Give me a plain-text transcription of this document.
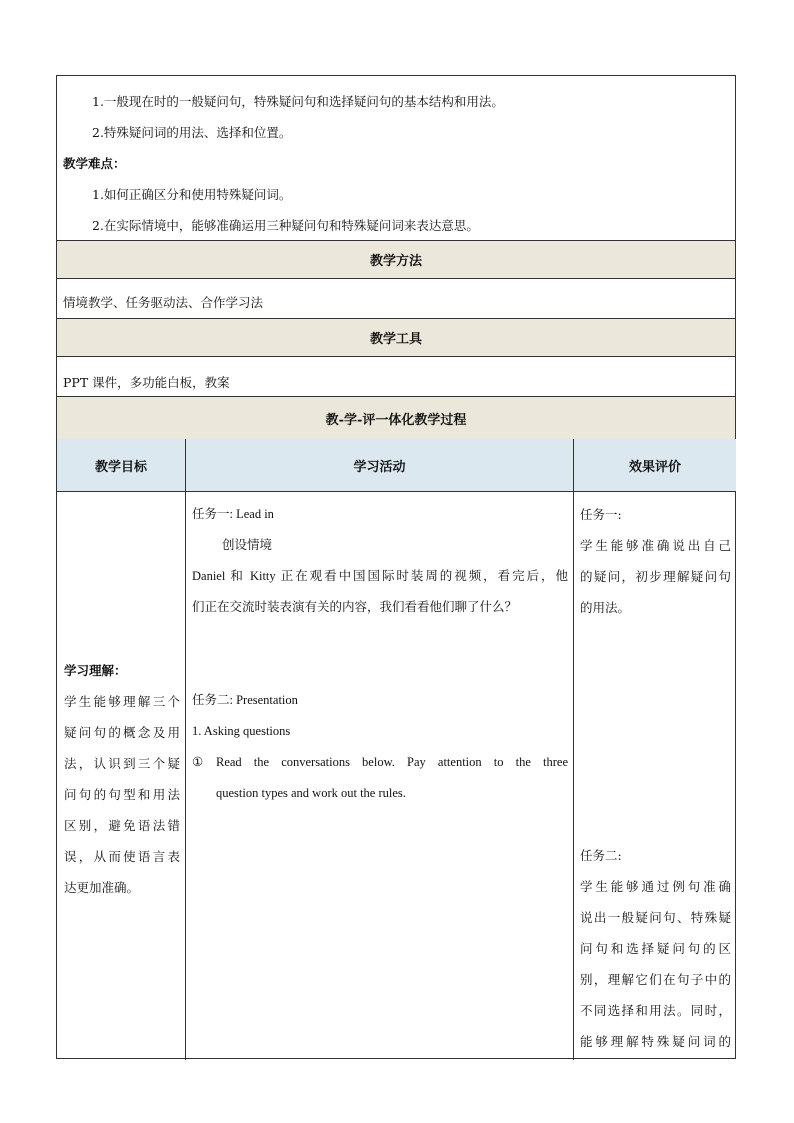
1.一般现在时的一般疑问句，特殊疑问句和选择疑问句的基本结构和用法。
2.特殊疑问词的用法、选择和位置。
教学难点：
1.如何正确区分和使用特殊疑问词。
2.在实际情境中，能够准确运用三种疑问句和特殊疑问词来表达意思。
教学方法
情境教学、任务驱动法、合作学习法
教学工具
PPT 课件，多功能白板，教案
教-学-评一体化教学过程
教学目标	学习活动	效果评价
学习理解：
学生能够理解三个
疑问句的概念及用
法，认识到三个疑
问句的句型和用法
区别，避免语法错
误，从而使语言表
达更加准确。
任务一: Lead in
创设情境
Daniel 和 Kitty 正在观看中国国际时装周的视频，看完后，他
们正在交流时装表演有关的内容，我们看看他们聊了什么？
任务二: Presentation
1. Asking questions
① Read the conversations below. Pay attention to the three
question types and work out the rules.
任务一:
学生能够准确说出自己
的疑问，初步理解疑问句
的用法。
任务二:
学生能够通过例句准确
说出一般疑问句、特殊疑
问句和选择疑问句的区
别，理解它们在句子中的
不同选择和用法。同时，
能够理解特殊疑问词的
